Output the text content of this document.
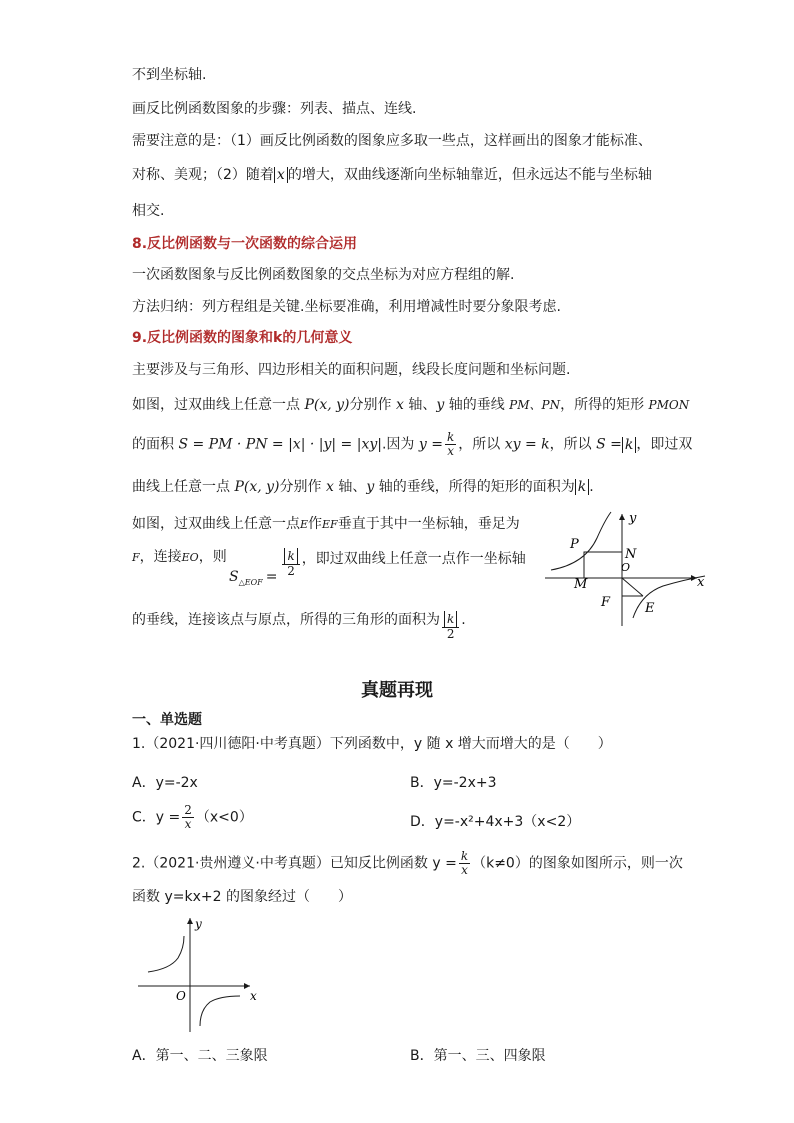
不到坐标轴.
画反比例函数图象的步骤：列表、描点、连线.
需要注意的是：（1）画反比例函数的图象应多取一些点，这样画出的图象才能标准、
对称、美观；（2）随着 x 的增大，双曲线逐渐向坐标轴靠近，但永远达不能与坐标轴
相交.
8.反比例函数与一次函数的综合运用
一次函数图象与反比例函数图象的交点坐标为对应方程组的解.
方法归纳：列方程组是关键.坐标要准确，利用增减性时要分象限考虑.
9.反比例函数的图象和k的几何意义
主要涉及与三角形、四边形相关的面积问题，线段长度问题和坐标问题.
如图，过双曲线上任意一点 P(x, y)分别作 x 轴、y 轴的垂线 PM、PN，所得的矩形 PMON
的面积 S = PM · PN = |x| · |y| = |xy|.因为 $y = \frac{k}{x}$ ，所以 xy = k，所以 S = k ，即过双
曲线上任意一点 P(x, y)分别作 x 轴、y 轴的垂线，所得的矩形的面积为 k .
如图，过双曲线上任意一点E作EF垂直于其中一坐标轴，垂足为
F，连接EO，则
$S_{\triangle EOF} = \frac{k}{2}$ ，即过双曲线上任意一点作一坐标轴
的垂线，连接该点与原点，所得的三角形的面积为 $\frac{k}{2}$ .
y
x
P
N
O
M
F	E
真题再现
一、单选题
1.（2021·四川德阳·中考真题）下列函数中，y 随 x 增大而增大的是（　　）
A．y=-2x	B．y=-2x+3
C．$y = \frac{2}{x} (x<0)$	D．y=-x²+4x+3（x<2）
2.（2021·贵州遵义·中考真题）已知反比例函数 $y = \frac{k}{x} (k\ne 0)$的图象如图所示，则一次
函数 y=kx+2 的图象经过（　　）
y
x
O
A．第一、二、三象限	B．第一、三、四象限
